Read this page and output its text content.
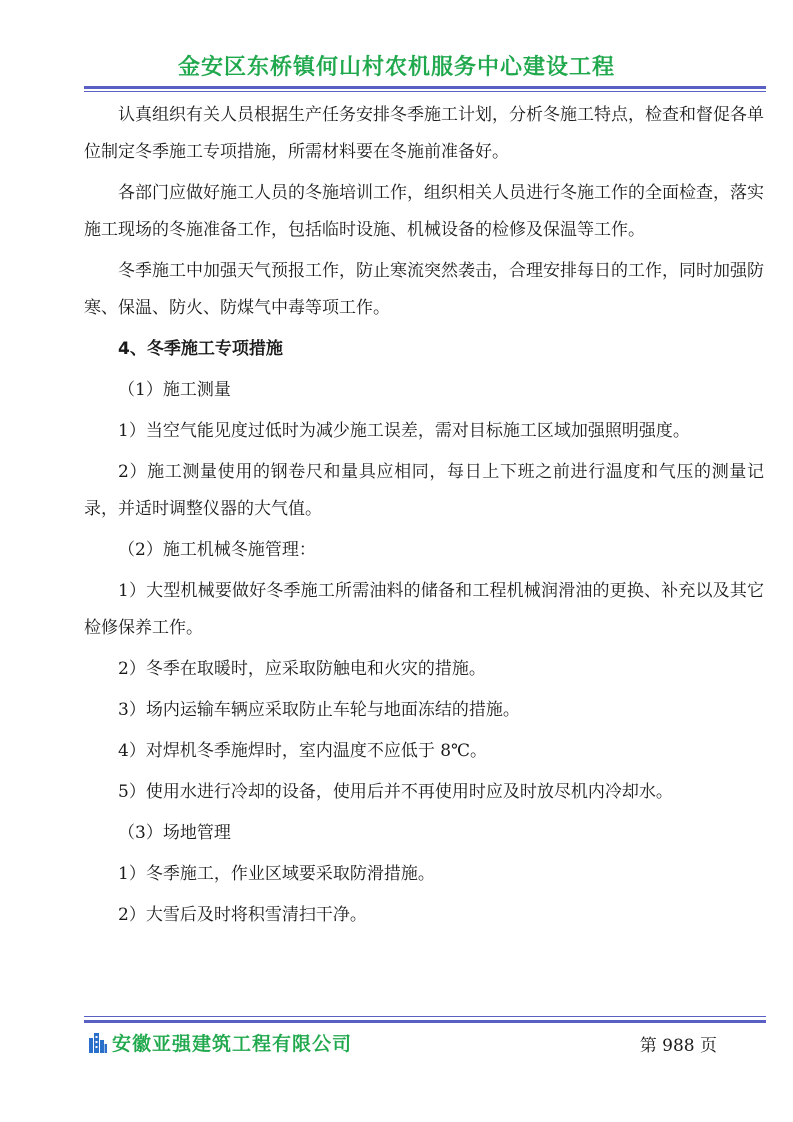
金安区东桥镇何山村农机服务中心建设工程

认真组织有关人员根据生产任务安排冬季施工计划，分析冬施工特点，检查和督促各单位制定冬季施工专项措施，所需材料要在冬施前准备好。

各部门应做好施工人员的冬施培训工作，组织相关人员进行冬施工作的全面检查，落实施工现场的冬施准备工作，包括临时设施、机械设备的检修及保温等工作。

冬季施工中加强天气预报工作，防止寒流突然袭击，合理安排每日的工作，同时加强防寒、保温、防火、防煤气中毒等项工作。

4、冬季施工专项措施

（1）施工测量

1）当空气能见度过低时为减少施工误差，需对目标施工区域加强照明强度。

2）施工测量使用的钢卷尺和量具应相同，每日上下班之前进行温度和气压的测量记录，并适时调整仪器的大气值。

（2）施工机械冬施管理：

1）大型机械要做好冬季施工所需油料的储备和工程机械润滑油的更换、补充以及其它检修保养工作。

2）冬季在取暖时，应采取防触电和火灾的措施。

3）场内运输车辆应采取防止车轮与地面冻结的措施。

4）对焊机冬季施焊时，室内温度不应低于 8℃。

5）使用水进行冷却的设备，使用后并不再使用时应及时放尽机内冷却水。

（3）场地管理

1）冬季施工，作业区域要采取防滑措施。

2）大雪后及时将积雪清扫干净。

安徽亚强建筑工程有限公司	第 988 页
